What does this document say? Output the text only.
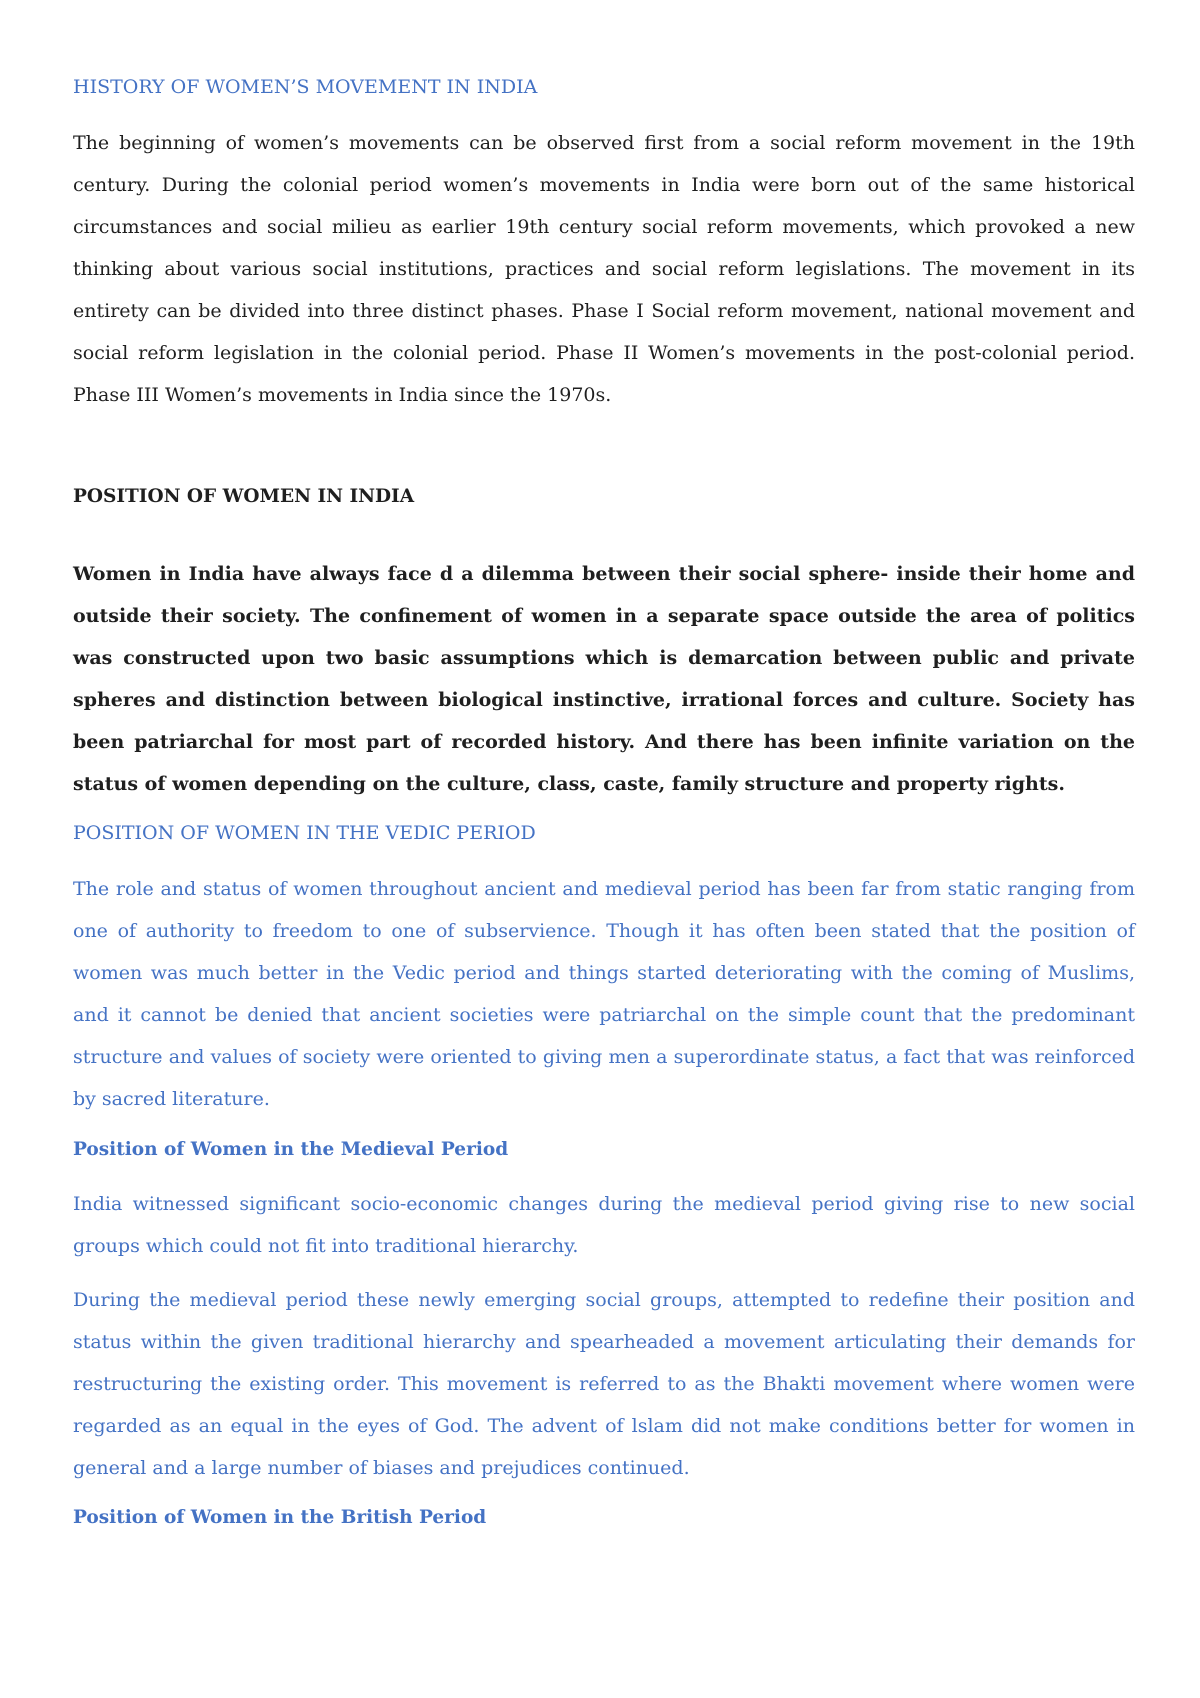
HISTORY OF WOMEN’S MOVEMENT IN INDIA

The beginning of women’s movements can be observed first from a social reform movement in the 19th century. During the colonial period women’s movements in India were born out of the same historical circumstances and social milieu as earlier 19th century social reform movements, which provoked a new thinking about various social institutions, practices and social reform legislations. The movement in its entirety can be divided into three distinct phases. Phase I Social reform movement, national movement and social reform legislation in the colonial period. Phase II Women’s movements in the post-colonial period. Phase III Women’s movements in India since the 1970s.

POSITION OF WOMEN IN INDIA

Women in India have always face d a dilemma between their social sphere- inside their home and outside their society. The confinement of women in a separate space outside the area of politics was constructed upon two basic assumptions which is demarcation between public and private spheres and distinction between biological instinctive, irrational forces and culture. Society has been patriarchal for most part of recorded history. And there has been infinite variation on the status of women depending on the culture, class, caste, family structure and property rights.

POSITION OF WOMEN IN THE VEDIC PERIOD

The role and status of women throughout ancient and medieval period has been far from static ranging from one of authority to freedom to one of subservience. Though it has often been stated that the position of women was much better in the Vedic period and things started deteriorating with the coming of Muslims, and it cannot be denied that ancient societies were patriarchal on the simple count that the predominant structure and values of society were oriented to giving men a superordinate status, a fact that was reinforced by sacred literature.

Position of Women in the Medieval Period

India witnessed significant socio-economic changes during the medieval period giving rise to new social groups which could not fit into traditional hierarchy.

During the medieval period these newly emerging social groups, attempted to redefine their position and status within the given traditional hierarchy and spearheaded a movement articulating their demands for restructuring the existing order. This movement is referred to as the Bhakti movement where women were regarded as an equal in the eyes of God. The advent of lslam did not make conditions better for women in general and a large number of biases and prejudices continued.

Position of Women in the British Period
